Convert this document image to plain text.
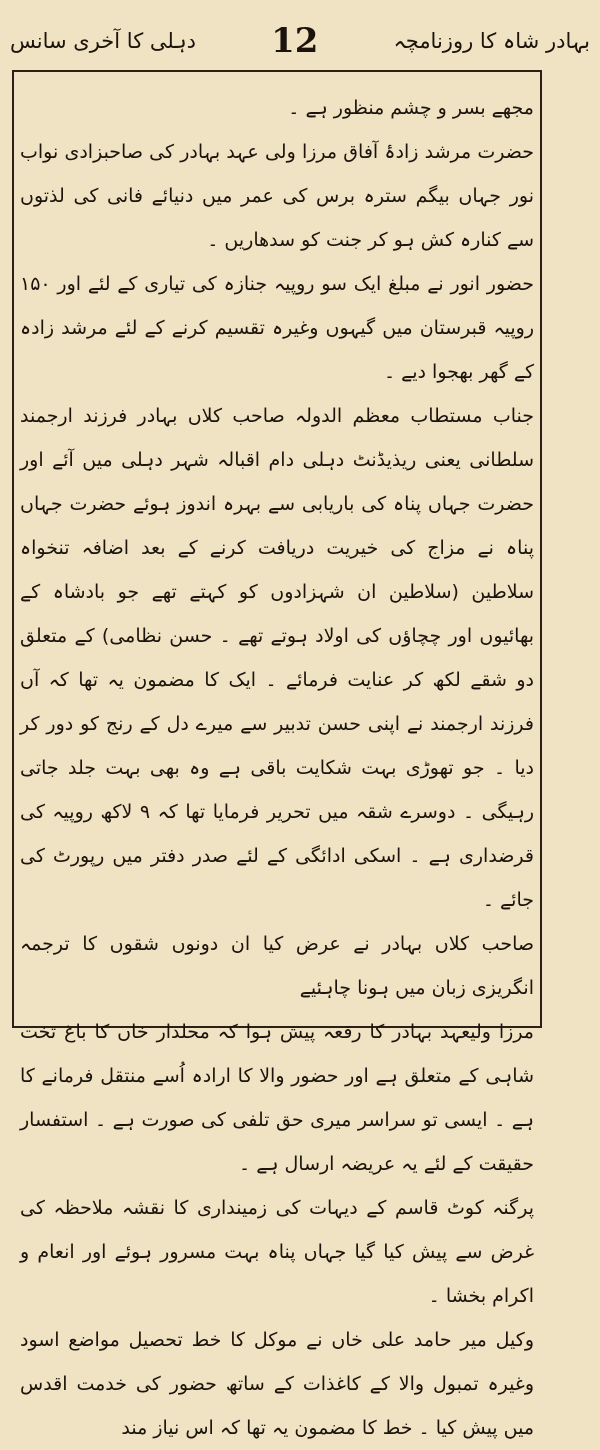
دہلی کا آخری سانس 12	بہادر شاہ کا روزنامچہ

مجھے بسر و چشم منظور ہے ۔

حضرت مرشد زادۂ آفاق مرزا ولی عہد بہادر کی صاحبزادی نواب نور جہاں بیگم سترہ برس کی عمر میں دنیائے فانی کی لذتوں سے کنارہ کش ہو کر جنت کو سدھاریں ۔

حضور انور نے مبلغ ایک سو روپیہ جنازہ کی تیاری کے لئے اور ۱۵۰ روپیہ قبرستان میں گیہوں وغیرہ تقسیم کرنے کے لئے مرشد زادہ کے گھر بھجوا دیے ۔

جناب مستطاب معظم الدولہ صاحب کلاں بہادر فرزند ارجمند سلطانی یعنی ریذیڈنٹ دہلی دام اقبالہ شہر دہلی میں آئے اور حضرت جہاں پناہ کی باریابی سے بہرہ اندوز ہوئے حضرت جہاں پناہ نے مزاج کی خیریت دریافت کرنے کے بعد اضافہ تنخواہ سلاطین (سلاطین ان شہزادوں کو کہتے تھے جو بادشاہ کے بھائیوں اور چچاؤں کی اولاد ہوتے تھے ۔ حسن نظامی) کے متعلق دو شقے لکھ کر عنایت فرمائے ۔ ایک کا مضمون یہ تھا کہ آں فرزند ارجمند نے اپنی حسن تدبیر سے میرے دل کے رنج کو دور کر دیا ۔ جو تھوڑی بہت شکایت باقی ہے وہ بھی بہت جلد جاتی رہیگی ۔ دوسرے شقہ میں تحریر فرمایا تھا کہ ۹ لاکھ روپیہ کی قرضداری ہے ۔ اسکی ادائگی کے لئے صدر دفتر میں رپورٹ کی جائے ۔

صاحب کلاں بہادر نے عرض کیا ان دونوں شقوں کا ترجمہ انگریزی زبان میں ہونا چاہئیے

مرزا ولیعہد بہادر کا رقعہ پیش ہوا کہ محلدار خاں کا باغ تخت شاہی کے متعلق ہے اور حضور والا کا ارادہ اُسے منتقل فرمانے کا ہے ۔ ایسی تو سراسر میری حق تلفی کی صورت ہے ۔ استفسار حقیقت کے لئے یہ عریضہ ارسال ہے ۔

پرگنہ کوٹ قاسم کے دیہات کی زمینداری کا نقشہ ملاحظہ کی غرض سے پیش کیا گیا جہاں پناہ بہت مسرور ہوئے اور انعام و اکرام بخشا ۔

وکیل میر حامد علی خاں نے موکل کا خط تحصیل مواضع اسود وغیرہ تمبول والا کے کاغذات کے ساتھ حضور کی خدمت اقدس میں پیش کیا ۔ خط کا مضمون یہ تھا کہ اس نیاز مند
